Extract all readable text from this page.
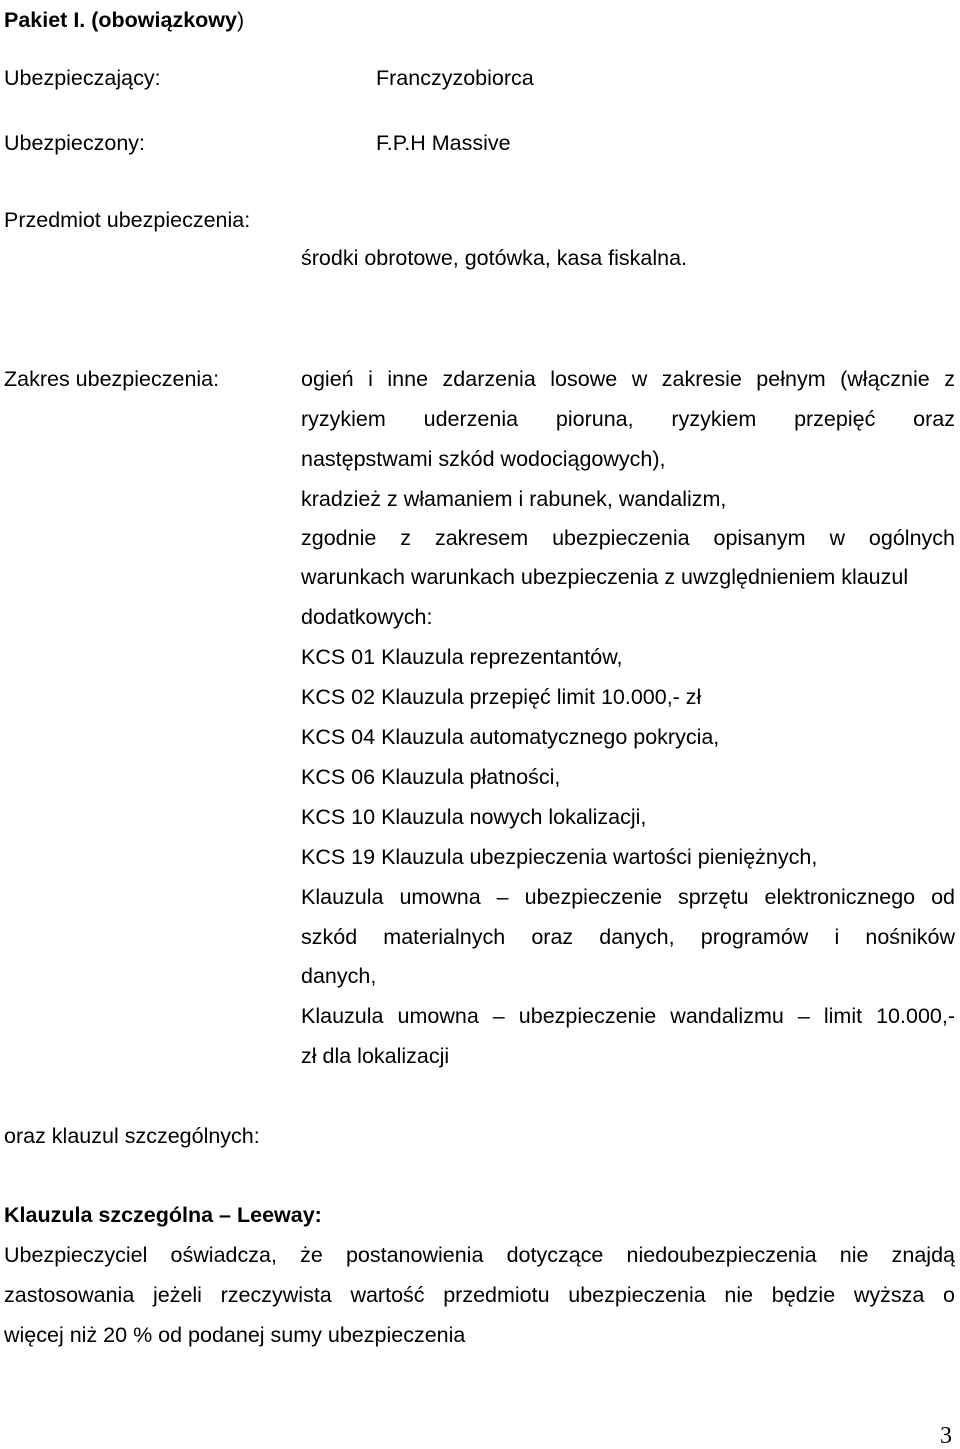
Pakiet I. (obowiązkowy)
Ubezpieczający:	Franczyzobiorca
Ubezpieczony:	F.P.H Massive
Przedmiot ubezpieczenia:
środki obrotowe, gotówka, kasa fiskalna.
Zakres ubezpieczenia:	ogień i inne zdarzenia losowe w zakresie pełnym (włącznie z
ryzykiem uderzenia pioruna, ryzykiem przepięć oraz
następstwami szkód wodociągowych),
kradzież z włamaniem i rabunek, wandalizm,
zgodnie z zakresem ubezpieczenia opisanym w ogólnych
warunkach warunkach ubezpieczenia z uwzględnieniem klauzul
dodatkowych:
KCS 01 Klauzula reprezentantów,
KCS 02 Klauzula przepięć limit 10.000,- zł
KCS 04 Klauzula automatycznego pokrycia,
KCS 06 Klauzula płatności,
KCS 10 Klauzula nowych lokalizacji,
KCS 19 Klauzula ubezpieczenia wartości pieniężnych,
Klauzula umowna – ubezpieczenie sprzętu elektronicznego od
szkód materialnych oraz danych, programów i nośników
danych,
Klauzula umowna – ubezpieczenie wandalizmu – limit 10.000,-
zł dla lokalizacji
oraz klauzul szczególnych:
Klauzula szczególna – Leeway:
Ubezpieczyciel oświadcza, że postanowienia dotyczące niedoubezpieczenia nie znajdą
zastosowania jeżeli rzeczywista wartość przedmiotu ubezpieczenia nie będzie wyższa o
więcej niż 20 % od podanej sumy ubezpieczenia
3
